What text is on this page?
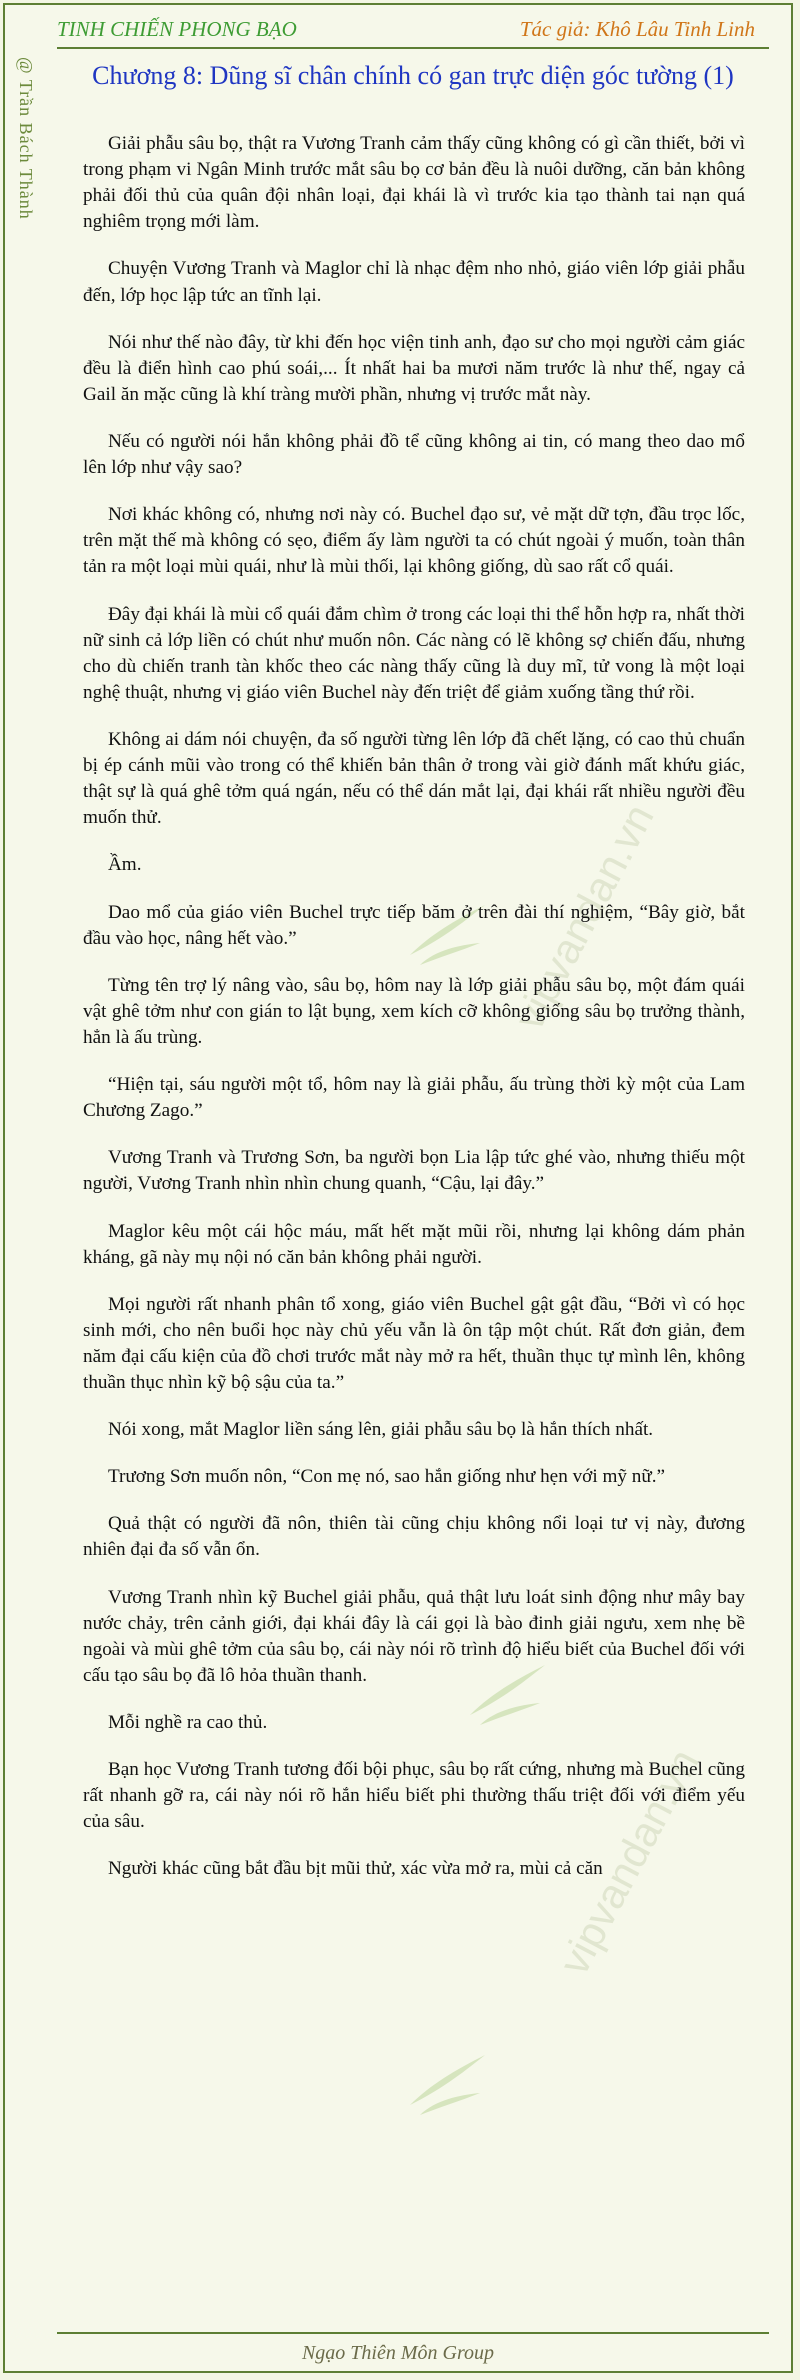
TINH CHIẾN PHONG BẠO	Tác giả: Khô Lâu Tinh Linh
@ Trần Bách Thành	Chương 8: Dũng sĩ chân chính có gan trực diện góc tường (1)
vipvandan.vn
vipvandan.vn

Giải phẫu sâu bọ, thật ra Vương Tranh cảm thấy cũng không có gì cần thiết, bởi vì trong phạm vi Ngân Minh trước mắt sâu bọ cơ bản đều là nuôi dưỡng, căn bản không phải đối thủ của quân đội nhân loại, đại khái là vì trước kia tạo thành tai nạn quá nghiêm trọng mới làm.

Chuyện Vương Tranh và Maglor chỉ là nhạc đệm nho nhỏ, giáo viên lớp giải phẫu đến, lớp học lập tức an tĩnh lại.

Nói như thế nào đây, từ khi đến học viện tinh anh, đạo sư cho mọi người cảm giác đều là điển hình cao phú soái,... Ít nhất hai ba mươi năm trước là như thế, ngay cả Gail ăn mặc cũng là khí tràng mười phần, nhưng vị trước mắt này.

Nếu có người nói hắn không phải đồ tể cũng không ai tin, có mang theo dao mổ lên lớp như vậy sao?

Nơi khác không có, nhưng nơi này có. Buchel đạo sư, vẻ mặt dữ tợn, đầu trọc lốc, trên mặt thế mà không có sẹo, điểm ấy làm người ta có chút ngoài ý muốn, toàn thân tản ra một loại mùi quái, như là mùi thối, lại không giống, dù sao rất cổ quái.

Đây đại khái là mùi cổ quái đắm chìm ở trong các loại thi thể hỗn hợp ra, nhất thời nữ sinh cả lớp liền có chút như muốn nôn. Các nàng có lẽ không sợ chiến đấu, nhưng cho dù chiến tranh tàn khốc theo các nàng thấy cũng là duy mĩ, tử vong là một loại nghệ thuật, nhưng vị giáo viên Buchel này đến triệt để giảm xuống tầng thứ rồi.

Không ai dám nói chuyện, đa số người từng lên lớp đã chết lặng, có cao thủ chuẩn bị ép cánh mũi vào trong có thể khiến bản thân ở trong vài giờ đánh mất khứu giác, thật sự là quá ghê tởm quá ngán, nếu có thể dán mắt lại, đại khái rất nhiều người đều muốn thử.

Ầm.

Dao mổ của giáo viên Buchel trực tiếp băm ở trên đài thí nghiệm, “Bây giờ, bắt đầu vào học, nâng hết vào.”

Từng tên trợ lý nâng vào, sâu bọ, hôm nay là lớp giải phẫu sâu bọ, một đám quái vật ghê tởm như con gián to lật bụng, xem kích cỡ không giống sâu bọ trưởng thành, hẳn là ấu trùng.

“Hiện tại, sáu người một tổ, hôm nay là giải phẫu, ấu trùng thời kỳ một của Lam Chương Zago.”

Vương Tranh và Trương Sơn, ba người bọn Lia lập tức ghé vào, nhưng thiếu một người, Vương Tranh nhìn nhìn chung quanh, “Cậu, lại đây.”

Maglor kêu một cái hộc máu, mất hết mặt mũi rồi, nhưng lại không dám phản kháng, gã này mụ nội nó căn bản không phải người.

Mọi người rất nhanh phân tổ xong, giáo viên Buchel gật gật đầu, “Bởi vì có học sinh mới, cho nên buổi học này chủ yếu vẫn là ôn tập một chút. Rất đơn giản, đem năm đại cấu kiện của đồ chơi trước mắt này mở ra hết, thuần thục tự mình lên, không thuần thục nhìn kỹ bộ sậu của ta.”

Nói xong, mắt Maglor liền sáng lên, giải phẫu sâu bọ là hắn thích nhất.

Trương Sơn muốn nôn, “Con mẹ nó, sao hắn giống như hẹn với mỹ nữ.”

Quả thật có người đã nôn, thiên tài cũng chịu không nổi loại tư vị này, đương nhiên đại đa số vẫn ổn.

Vương Tranh nhìn kỹ Buchel giải phẫu, quả thật lưu loát sinh động như mây bay nước chảy, trên cảnh giới, đại khái đây là cái gọi là bào đinh giải ngưu, xem nhẹ bề ngoài và mùi ghê tởm của sâu bọ, cái này nói rõ trình độ hiểu biết của Buchel đối với cấu tạo sâu bọ đã lô hỏa thuần thanh.

Mỗi nghề ra cao thủ.

Bạn học Vương Tranh tương đối bội phục, sâu bọ rất cứng, nhưng mà Buchel cũng rất nhanh gỡ ra, cái này nói rõ hắn hiểu biết phi thường thấu triệt đối với điểm yếu của sâu.

Người khác cũng bắt đầu bịt mũi thử, xác vừa mở ra, mùi cả căn

Ngạo Thiên Môn Group
